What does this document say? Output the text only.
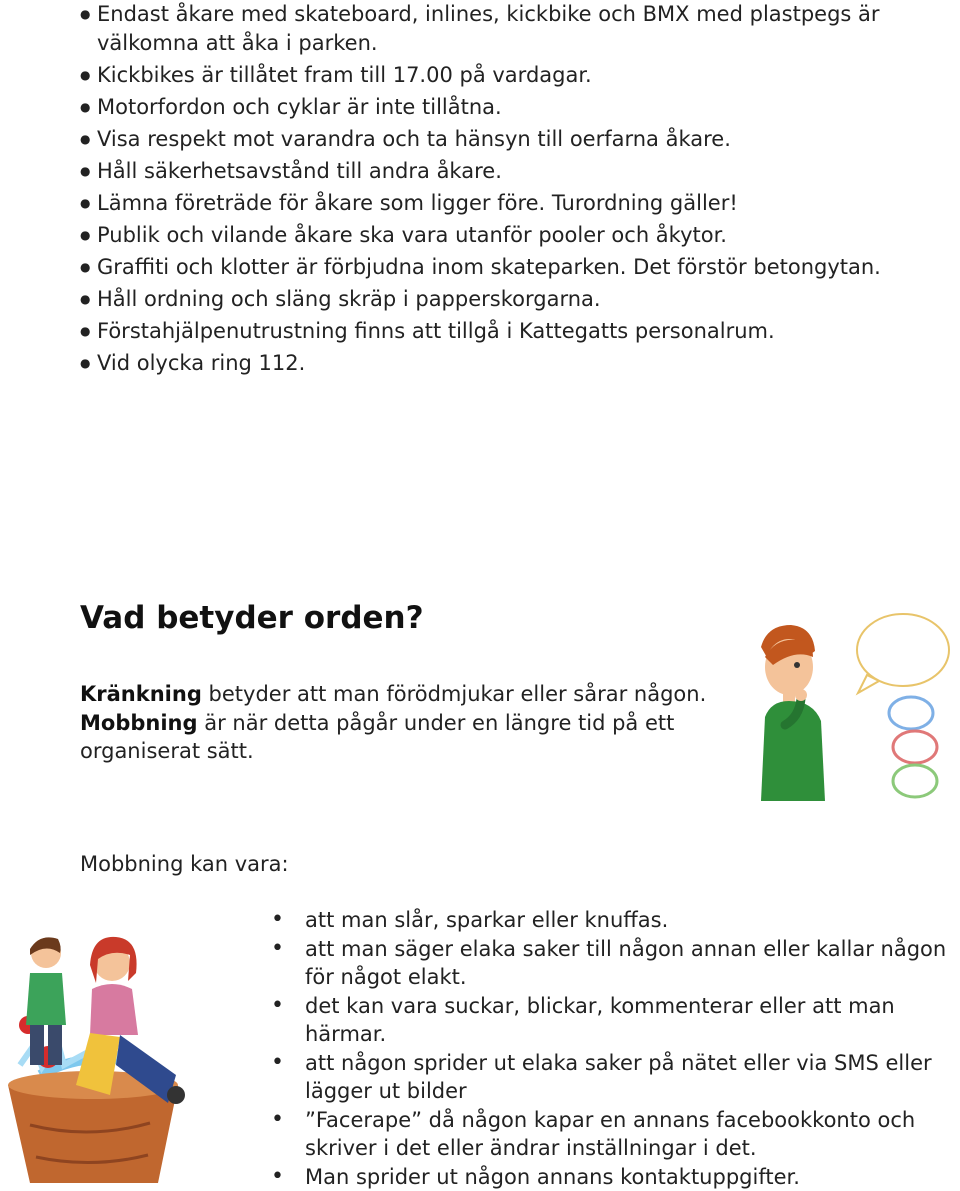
● Endast åkare med skateboard, inlines, kickbike och BMX med plastpegs är välkomna att åka i parken.
● Kickbikes är tillåtet fram till 17.00 på vardagar.
● Motorfordon och cyklar är inte tillåtna.
● Visa respekt mot varandra och ta hänsyn till oerfarna åkare.
● Håll säkerhetsavstånd till andra åkare.
● Lämna företräde för åkare som ligger före. Turordning gäller!
● Publik och vilande åkare ska vara utanför pooler och åkytor.
● Graffiti och klotter är förbjudna inom skateparken. Det förstör betongytan.
● Håll ordning och släng skräp i papperskorgarna.
● Förstahjälpenutrustning finns att tillgå i Kattegatts personalrum.
● Vid olycka ring 112.
Vad betyder orden?

Kränkning betyder att man förödmjukar eller sårar någon.

Mobbning är när detta pågår under en längre tid på ett organiserat sätt.

Mobbning kan vara:

• att man slår, sparkar eller knuffas.
• att man säger elaka saker till någon annan eller kallar någon för något elakt.
• det kan vara suckar, blickar, kommenterar eller att man härmar.
• att någon sprider ut elaka saker på nätet eller via SMS eller lägger ut bilder
• ”Facerape” då någon kapar en annans facebookkonto och skriver i det eller ändrar inställningar i det.
• Man sprider ut någon annans kontaktuppgifter.
